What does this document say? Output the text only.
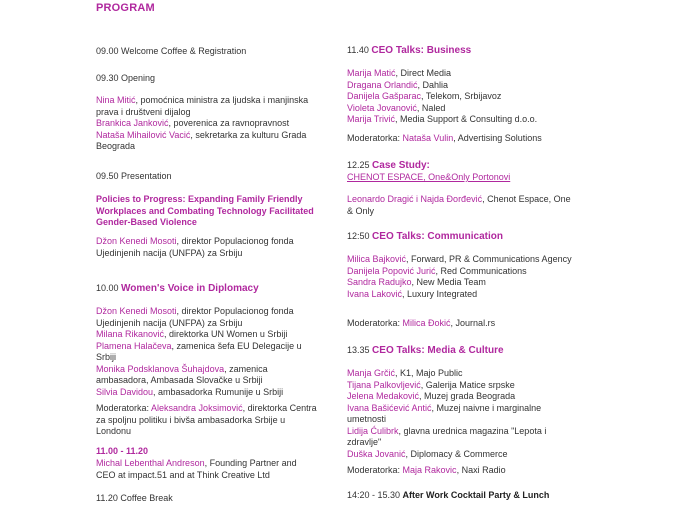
PROGRAM
09.00 Welcome Coffee & Registration
09.30 Opening
Nina Mitić, pomoćnica ministra za ljudska i manjinska prava i društveni dijalog
Brankica Janković, poverenica za ravnopravnost
Nataša Mihailović Vacić, sekretarka za kulturu Grada Beograda
09.50 Presentation
Policies to Progress: Expanding Family Friendly Workplaces and Combating Technology Facilitated Gender-Based Violence
Džon Kenedi Mosoti, direktor Populacionog fonda Ujedinjenih nacija (UNFPA) za Srbiju
10.00 Women's Voice in Diplomacy
Džon Kenedi Mosoti, direktor Populacionog fonda Ujedinjenih nacija (UNFPA) za Srbiju
Milana Rikanović, direktorka UN Women u Srbiji
Plamena Halačeva, zamenica šefa EU Delegacije u Srbiji
Monika Podsklanova Šuhajdova, zamenica ambasadora, Ambasada Slovačke u Srbiji
Silvia Davidou, ambasadorka Rumunije u Srbiji
Moderatorka: Aleksandra Joksimović, direktorka Centra za spoljnu politiku i bivša ambasadorka Srbije u Londonu
11.00 - 11.20
Michal Lebenthal Andreson, Founding Partner and CEO at impact.51 and at Think Creative Ltd
11.20 Coffee Break
11.40 CEO Talks: Business
Marija Matić, Direct Media
Dragana Orlandić, Dahlia
Danijela Gašparac, Telekom, Srbijavoz
Violeta Jovanović, Naled
Marija Trivić, Media Support & Consulting d.o.o.
Moderatorka: Nataša Vulin, Advertising Solutions
12.25 Case Study:
CHENOT ESPACE, One&Only Portonovi
Leonardo Dragić i Najda Đorđević, Chenot Espace, One & Only
12:50 CEO Talks: Communication
Milica Bajković, Forward, PR & Communications Agency
Danijela Popović Jurić, Red Communications
Sandra Radujko, New Media Team
Ivana Laković, Luxury Integrated
Moderatorka: Milica Đokić, Journal.rs
13.35 CEO Talks: Media & Culture
Manja Grčić, K1, Majo Public
Tijana Palkovljević, Galerija Matice srpske
Jelena Medaković, Muzej grada Beograda
Ivana Bašićević Antić, Muzej naivne i marginalne umetnosti
Lidija Ćulibrk, glavna urednica magazina "Lepota i zdravlje"
Duška Jovanić, Diplomacy & Commerce
Moderatorka: Maja Rakovic, Naxi Radio
14:20 - 15.30 After Work Cocktail Party & Lunch
